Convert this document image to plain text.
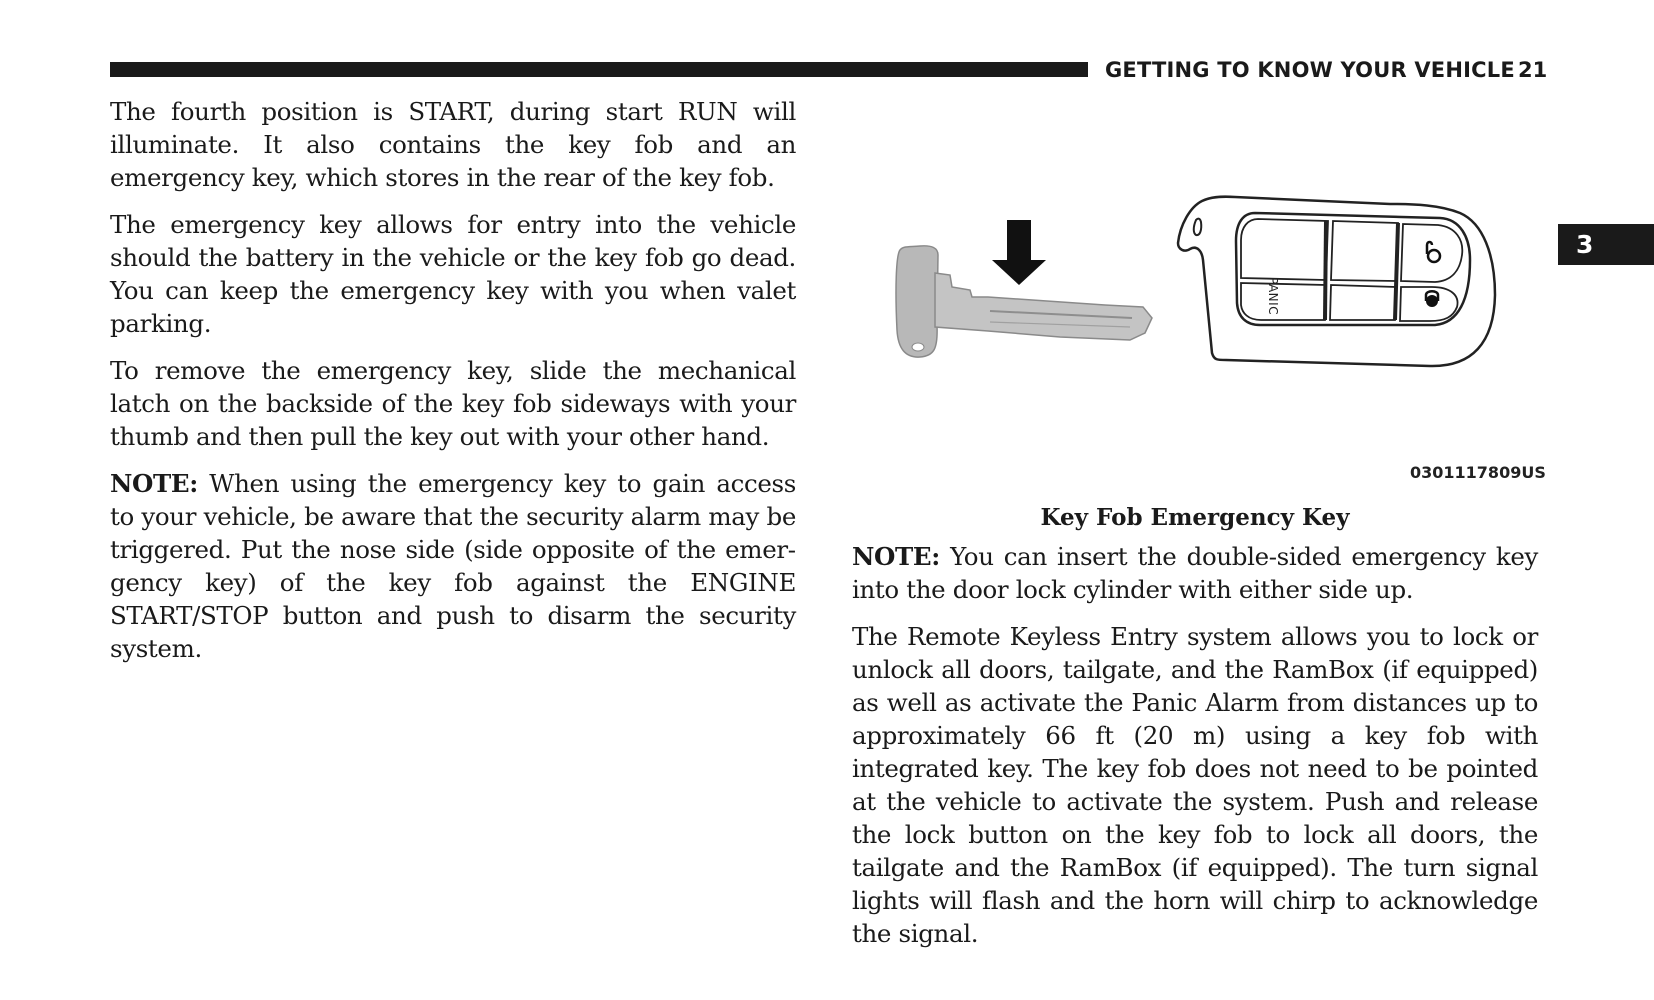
GETTING TO KNOW YOUR VEHICLE 21
3

The fourth position is START, during start RUN will illuminate. It also contains the key fob and an emergency key, which stores in the rear of the key fob.

The emergency key allows for entry into the vehicle should the battery in the vehicle or the key fob go dead. You can keep the emergency key with you when valet parking.

To remove the emergency key, slide the mechanical latch on the backside of the key fob sideways with your thumb and then pull the key out with your other hand.

NOTE: When using the emergency key to gain access to your vehicle, be aware that the security alarm may be triggered. Put the nose side (side opposite of the emergency key) of the key fob against the ENGINE START/STOP button and push to disarm the security system.

PANIC
0301117809US
Key Fob Emergency Key

NOTE: You can insert the double-sided emergency key into the door lock cylinder with either side up.

The Remote Keyless Entry system allows you to lock or unlock all doors, tailgate, and the RamBox (if equipped) as well as activate the Panic Alarm from distances up to approximately 66 ft (20 m) using a key fob with integrated key. The key fob does not need to be pointed at the vehicle to activate the system. Push and release the lock button on the key fob to lock all doors, the tailgate and the RamBox (if equipped). The turn signal lights will flash and the horn will chirp to acknowledge the signal.
